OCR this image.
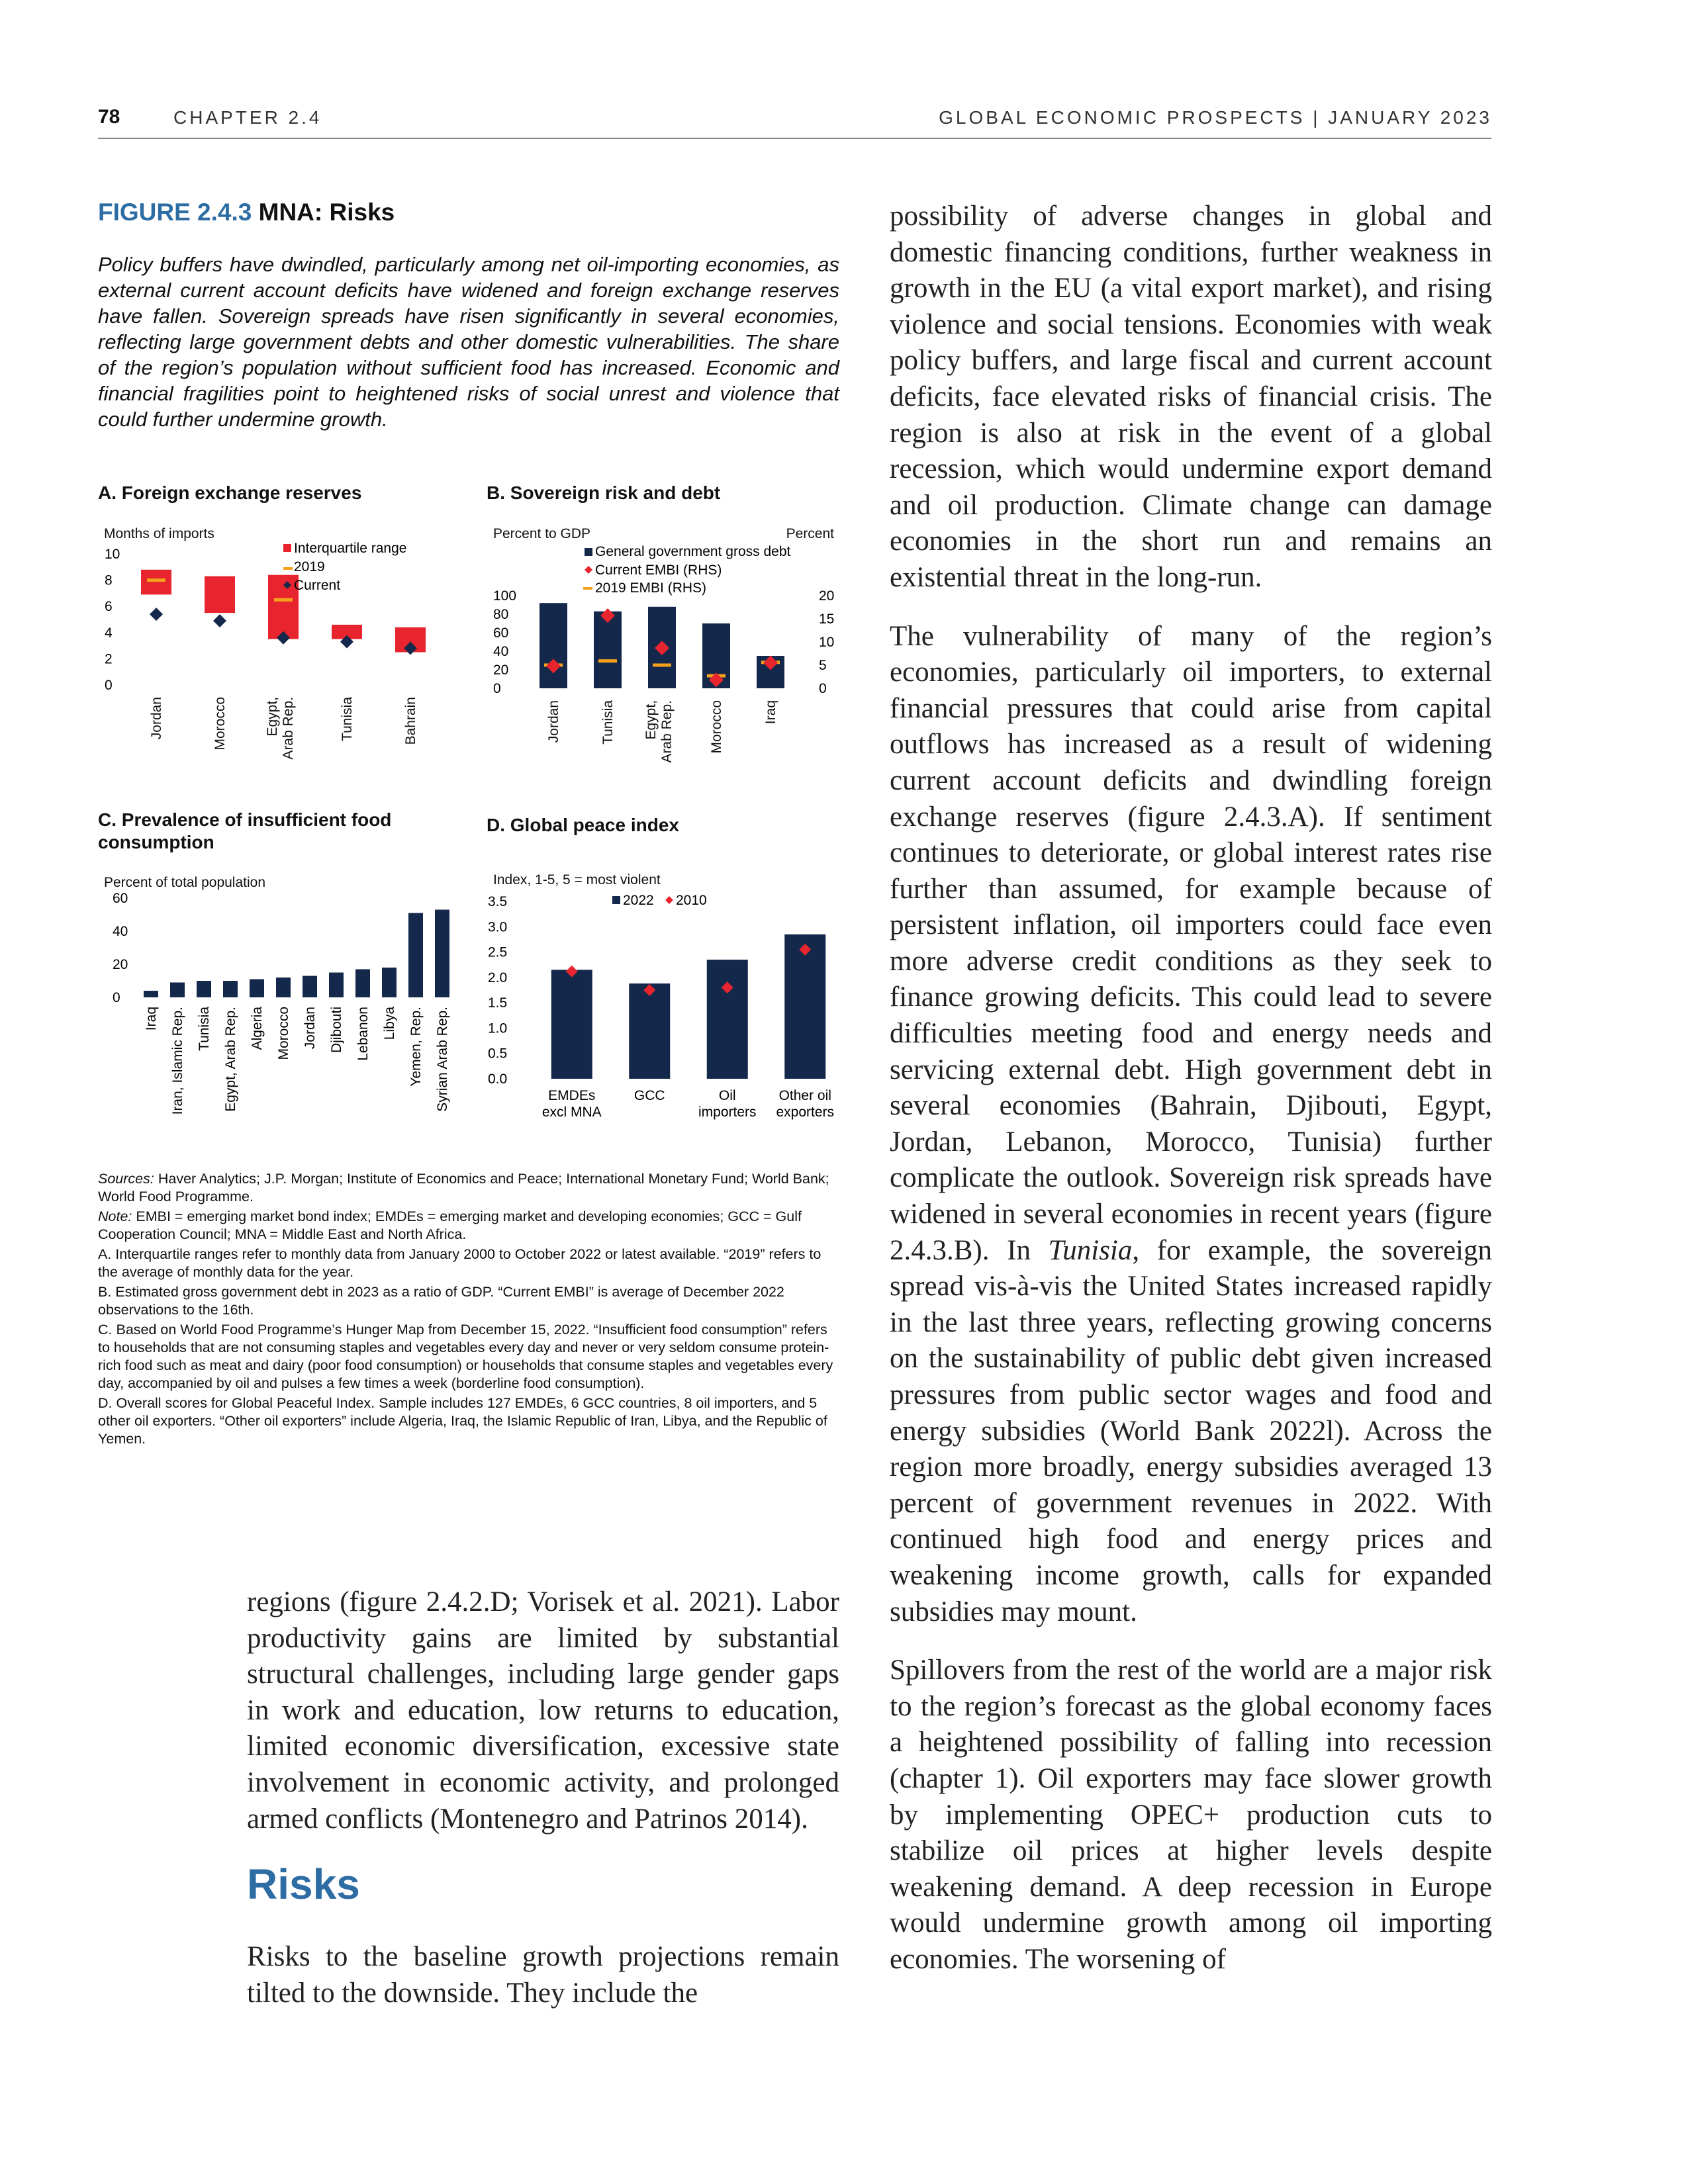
78	CHAPTER 2.4	GLOBAL ECONOMIC PROSPECTS | JANUARY 2023
FIGURE 2.4.3 MNA: Risks
Policy buffers have dwindled, particularly among net oil-importing economies, as external current account deficits have widened and foreign exchange reserves have fallen. Sovereign spreads have risen significantly in several economies, reflecting large government debts and other domestic vulnerabilities. The share of the region’s population without sufficient food has increased. Economic and financial fragilities point to heightened risks of social unrest and violence that could further undermine growth.
A. Foreign exchange reserves	B. Sovereign risk and debt
C. Prevalence of insufficient food consumption
D. Global peace index
Months of imports	Percent to GDP	Percent
Percent of total population	Index, 1-5, 5 = most violent
0
2
4
6
8
10
Jordan	Morocco	Egypt,Arab Rep.	Tunisia	Bahrain
Interquartile range
2019
Current
0
20
40
60
80
100
0
5
10
15
20
Jordan	Tunisia Egypt,Arab Rep. Morocco	Iraq
General government gross debt
Current EMBI (RHS)
2019 EMBI (RHS)
0
20
40
60
Iraq Iran, Islamic Rep. Tunisia Egypt, Arab Rep. Algeria Morocco Jordan Djibouti Lebanon Libya Yemen, Rep. Syrian Arab Rep.	0.0
0.5
1.0
1.5
2.0
2.5
3.0
3.5
EMDEs excl MNA
GCC	Oil importers
Other oil exporters
2022 2010

Sources: Haver Analytics; J.P. Morgan; Institute of Economics and Peace; International Monetary Fund; World Bank; World Food Programme.

Note: EMBI = emerging market bond index; EMDEs = emerging market and developing economies; GCC = Gulf Cooperation Council; MNA = Middle East and North Africa.

A. Interquartile ranges refer to monthly data from January 2000 to October 2022 or latest available. “2019” refers to the average of monthly data for the year.

B. Estimated gross government debt in 2023 as a ratio of GDP. “Current EMBI” is average of December 2022 observations to the 16th.

C. Based on World Food Programme’s Hunger Map from December 15, 2022. “Insufficient food consumption” refers to households that are not consuming staples and vegetables every day and never or very seldom consume protein-rich food such as meat and dairy (poor food consumption) or households that consume staples and vegetables every day, accompanied by oil and pulses a few times a week (borderline food consumption).

D. Overall scores for Global Peaceful Index. Sample includes 127 EMDEs, 6 GCC countries, 8 oil importers, and 5 other oil exporters. “Other oil exporters” include Algeria, Iraq, the Islamic Republic of Iran, Libya, and the Republic of Yemen.

regions (figure 2.4.2.D; Vorisek et al. 2021). Labor productivity gains are limited by substantial structural challenges, including large gender gaps in work and education, low returns to education, limited economic diversification, excessive state involvement in economic activity, and prolonged armed conflicts (Montenegro and Patrinos 2014).

Risks

Risks to the baseline growth projections remain tilted to the downside. They include the

possibility of adverse changes in global and domestic financing conditions, further weakness in growth in the EU (a vital export market), and rising violence and social tensions. Economies with weak policy buffers, and large fiscal and current account deficits, face elevated risks of financial crisis. The region is also at risk in the event of a global recession, which would undermine export demand and oil production. Climate change can damage economies in the short run and remains an existential threat in the long-run.

The vulnerability of many of the region’s economies, particularly oil importers, to external financial pressures that could arise from capital outflows has increased as a result of widening current account deficits and dwindling foreign exchange reserves (figure 2.4.3.A). If sentiment continues to deteriorate, or global interest rates rise further than assumed, for example because of persistent inflation, oil importers could face even more adverse credit conditions as they seek to finance growing deficits. This could lead to severe difficulties meeting food and energy needs and servicing external debt. High government debt in several economies (Bahrain, Djibouti, Egypt, Jordan, Lebanon, Morocco, Tunisia) further complicate the outlook. Sovereign risk spreads have widened in several economies in recent years (figure 2.4.3.B). In Tunisia, for example, the sovereign spread vis-à-vis the United States increased rapidly in the last three years, reflecting growing concerns on the sustainability of public debt given increased pressures from public sector wages and food and energy subsidies (World Bank 2022l). Across the region more broadly, energy subsidies averaged 13 percent of government revenues in 2022. With continued high food and energy prices and weakening income growth, calls for expanded subsidies may mount.

Spillovers from the rest of the world are a major risk to the region’s forecast as the global economy faces a heightened possibility of falling into recession (chapter 1). Oil exporters may face slower growth by implementing OPEC+ production cuts to stabilize oil prices at higher levels despite weakening demand. A deep recession in Europe would undermine growth among oil importing economies. The worsening of
